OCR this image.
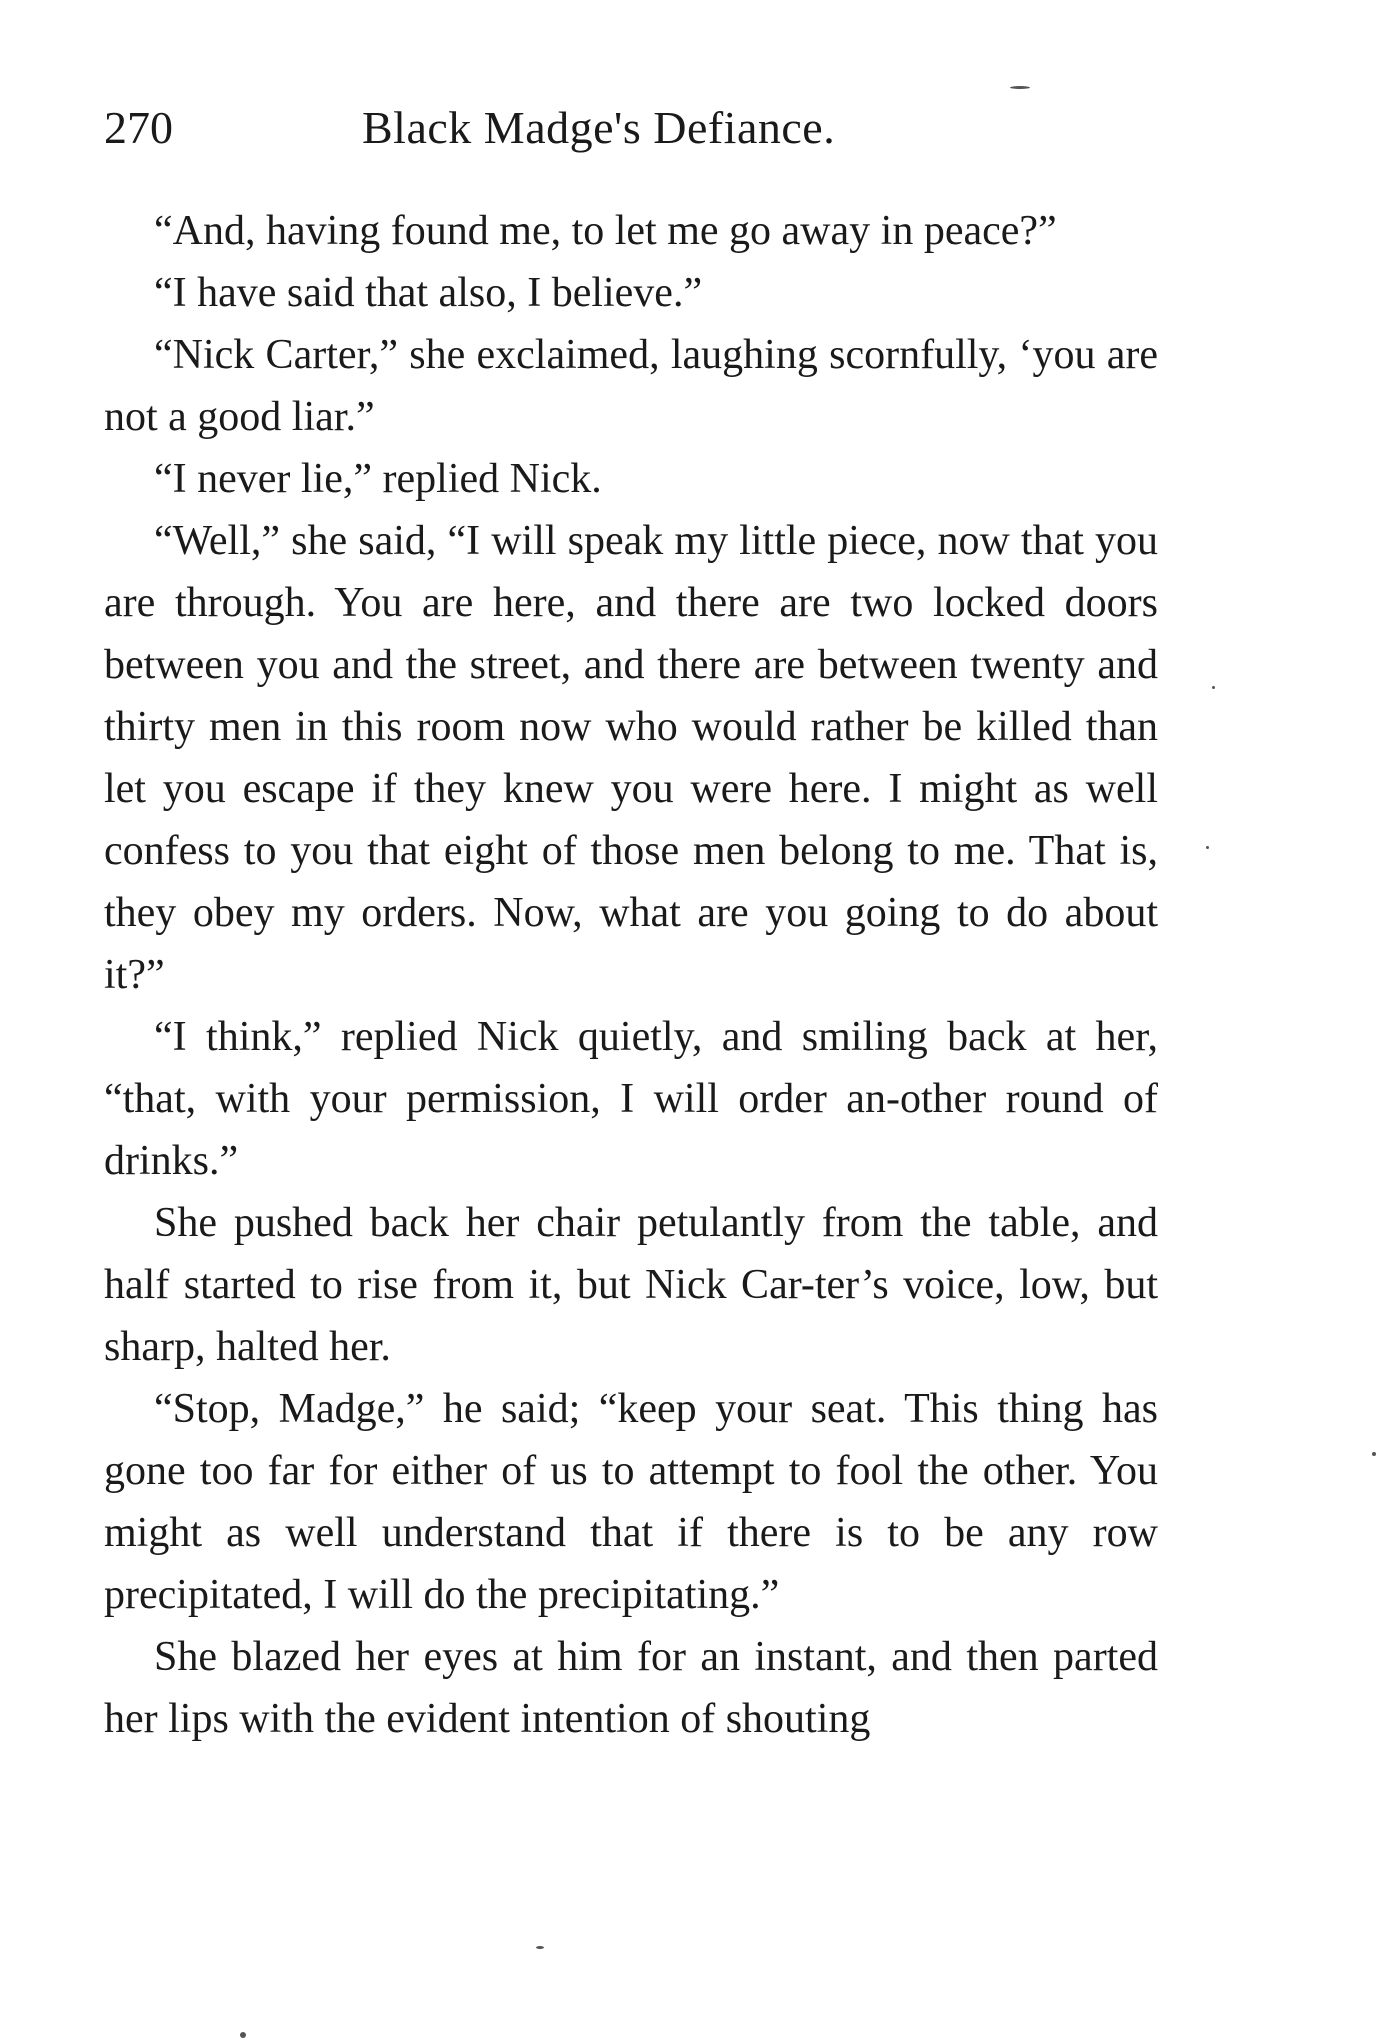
270	Black Madge's Defiance.

“And, having found me, to let me go away in peace?”

“I have said that also, I believe.”

“Nick Carter,” she exclaimed, laughing scornfully, ‘you are not a good liar.”

“I never lie,” replied Nick.

“Well,” she said, “I will speak my little piece, now that you are through. You are here, and there are two locked doors between you and the street, and there are between twenty and thirty men in this room now who would rather be killed than let you escape if they knew you were here. I might as well confess to you that eight of those men belong to me. That is, they obey my orders. Now, what are you going to do about it?”

“I think,” replied Nick quietly, and smiling back at her, “that, with your permission, I will order an-other round of drinks.”

She pushed back her chair petulantly from the table, and half started to rise from it, but Nick Car-ter’s voice, low, but sharp, halted her.

“Stop, Madge,” he said; “keep your seat. This thing has gone too far for either of us to attempt to fool the other. You might as well understand that if there is to be any row precipitated, I will do the precipitating.”

She blazed her eyes at him for an instant, and then parted her lips with the evident intention of shouting
